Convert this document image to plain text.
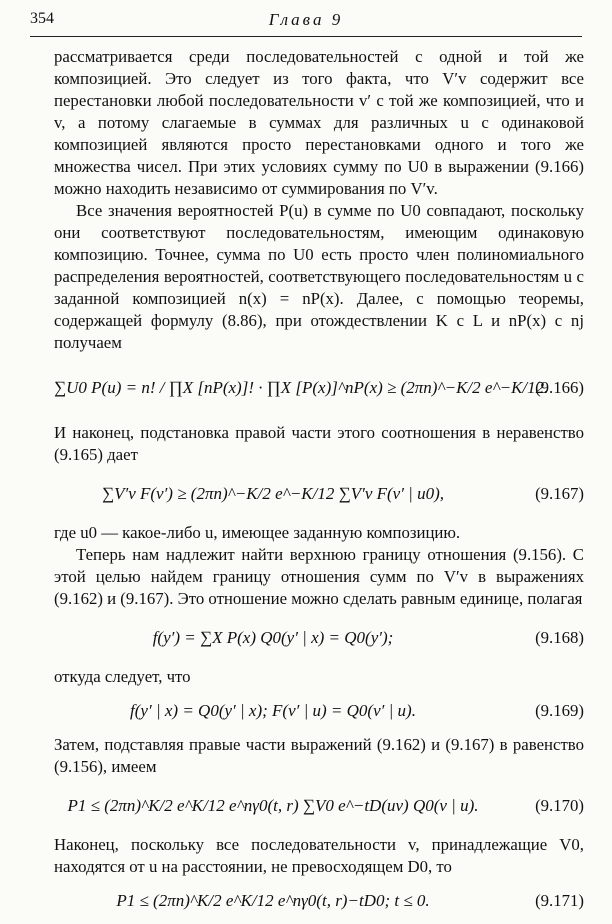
354	Глава 9

рассматривается среди последовательностей с одной и той же композицией. Это следует из того факта, что V′v содержит все перестановки любой последовательности v′ с той же композицией, что и v, а потому слагаемые в суммах для различных u с одинаковой композицией являются просто перестановками одного и того же множества чисел. При этих условиях сумму по U0 в выражении (9.166) можно находить независимо от суммирования по V′v.

Все значения вероятностей P(u) в сумме по U0 совпадают, поскольку они соответствуют последовательностям, имеющим одинаковую композицию. Точнее, сумма по U0 есть просто член полиномиального распределения вероятностей, соответствующего последовательностям u с заданной композицией n(x) = nP(x). Далее, с помощью теоремы, содержащей формулу (8.86), при отождествлении K с L и nP(x) с nj получаем

∑U0 P(u) = n! / ∏X [nP(x)]! · ∏X [P(x)]^nP(x) ≥ (2πn)^−K/2 e^−K/12.
(9.166)

И наконец, подстановка правой части этого соотношения в неравенство (9.165) дает

∑V′v F(v′) ≥ (2πn)^−K/2 e^−K/12 ∑V′v F(v′ | u0),	(9.167)

где u0 — какое-либо u, имеющее заданную композицию.

Теперь нам надлежит найти верхнюю границу отношения (9.156). С этой целью найдем границу отношения сумм по V′v в выражениях (9.162) и (9.167). Это отношение можно сделать равным единице, полагая

f(y′) = ∑X P(x) Q0(y′ | x) = Q0(y′);	(9.168)

откуда следует, что

f(y′ | x) = Q0(y′ | x); F(v′ | u) = Q0(v′ | u).	(9.169)

Затем, подставляя правые части выражений (9.162) и (9.167) в равенство (9.156), имеем

P1 ≤ (2πn)^K/2 e^K/12 e^nγ0(t, r) ∑V0 e^−tD(uv) Q0(v | u).	(9.170)

Наконец, поскольку все последовательности v, принадлежащие V0, находятся от u на расстоянии, не превосходящем D0, то

P1 ≤ (2πn)^K/2 e^K/12 e^nγ0(t, r)−tD0; t ≤ 0.	(9.171)
